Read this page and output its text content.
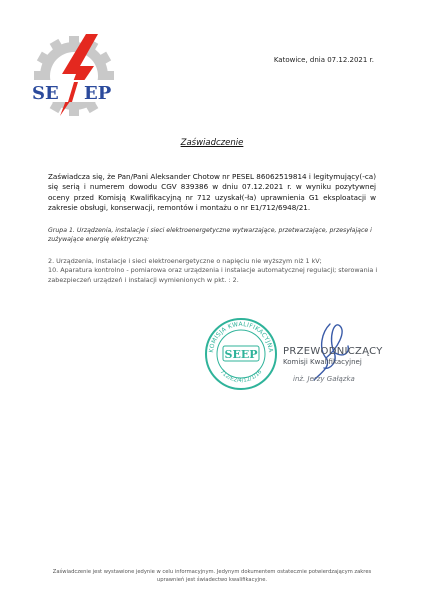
SE EP
Katowice, dnia 07.12.2021 r.
Zaświadczenie
Zaświadcza się, że Pan/Pani Aleksander Chotow nr PESEL 86062519814 i legitymujący(-ca) się serią i numerem dowodu CGV 839386 w dniu 07.12.2021 r. w wyniku pozytywnej oceny przed Komisją Kwalifikacyjną nr 712 uzyskał(-ła) uprawnienia G1 eksploatacji w zakresie obsługi, konserwacji, remontów i montażu o nr E1/712/6948/21.
Grupa 1. Urządzenia, instalacje i sieci elektroenergetyczne wytwarzające, przetwarzające, przesyłające i zużywające energię elektryczną:
2. Urządzenia, instalacje i sieci elektroenergetyczne o napięciu nie wyższym niż 1 kV;
10. Aparatura kontrolno - pomiarowa oraz urządzenia i instalacje automatycznej regulacji; sterowania i zabezpieczeń urządzeń i instalacji wymienionych w pkt. : 2.
KOMISJA KWALIFIKACYJNA
712/E2/4/12/1/16
SEEP	PRZEWODNICZĄCY
Komisji Kwalifikacyjnej
inż. Jerzy Gałązka
Zaświadczenie jest wystawione jedynie w celu informacyjnym. Jedynym dokumentem ostatecznie potwierdzającym zakres
uprawnień jest świadectwo kwalifikacyjne.
